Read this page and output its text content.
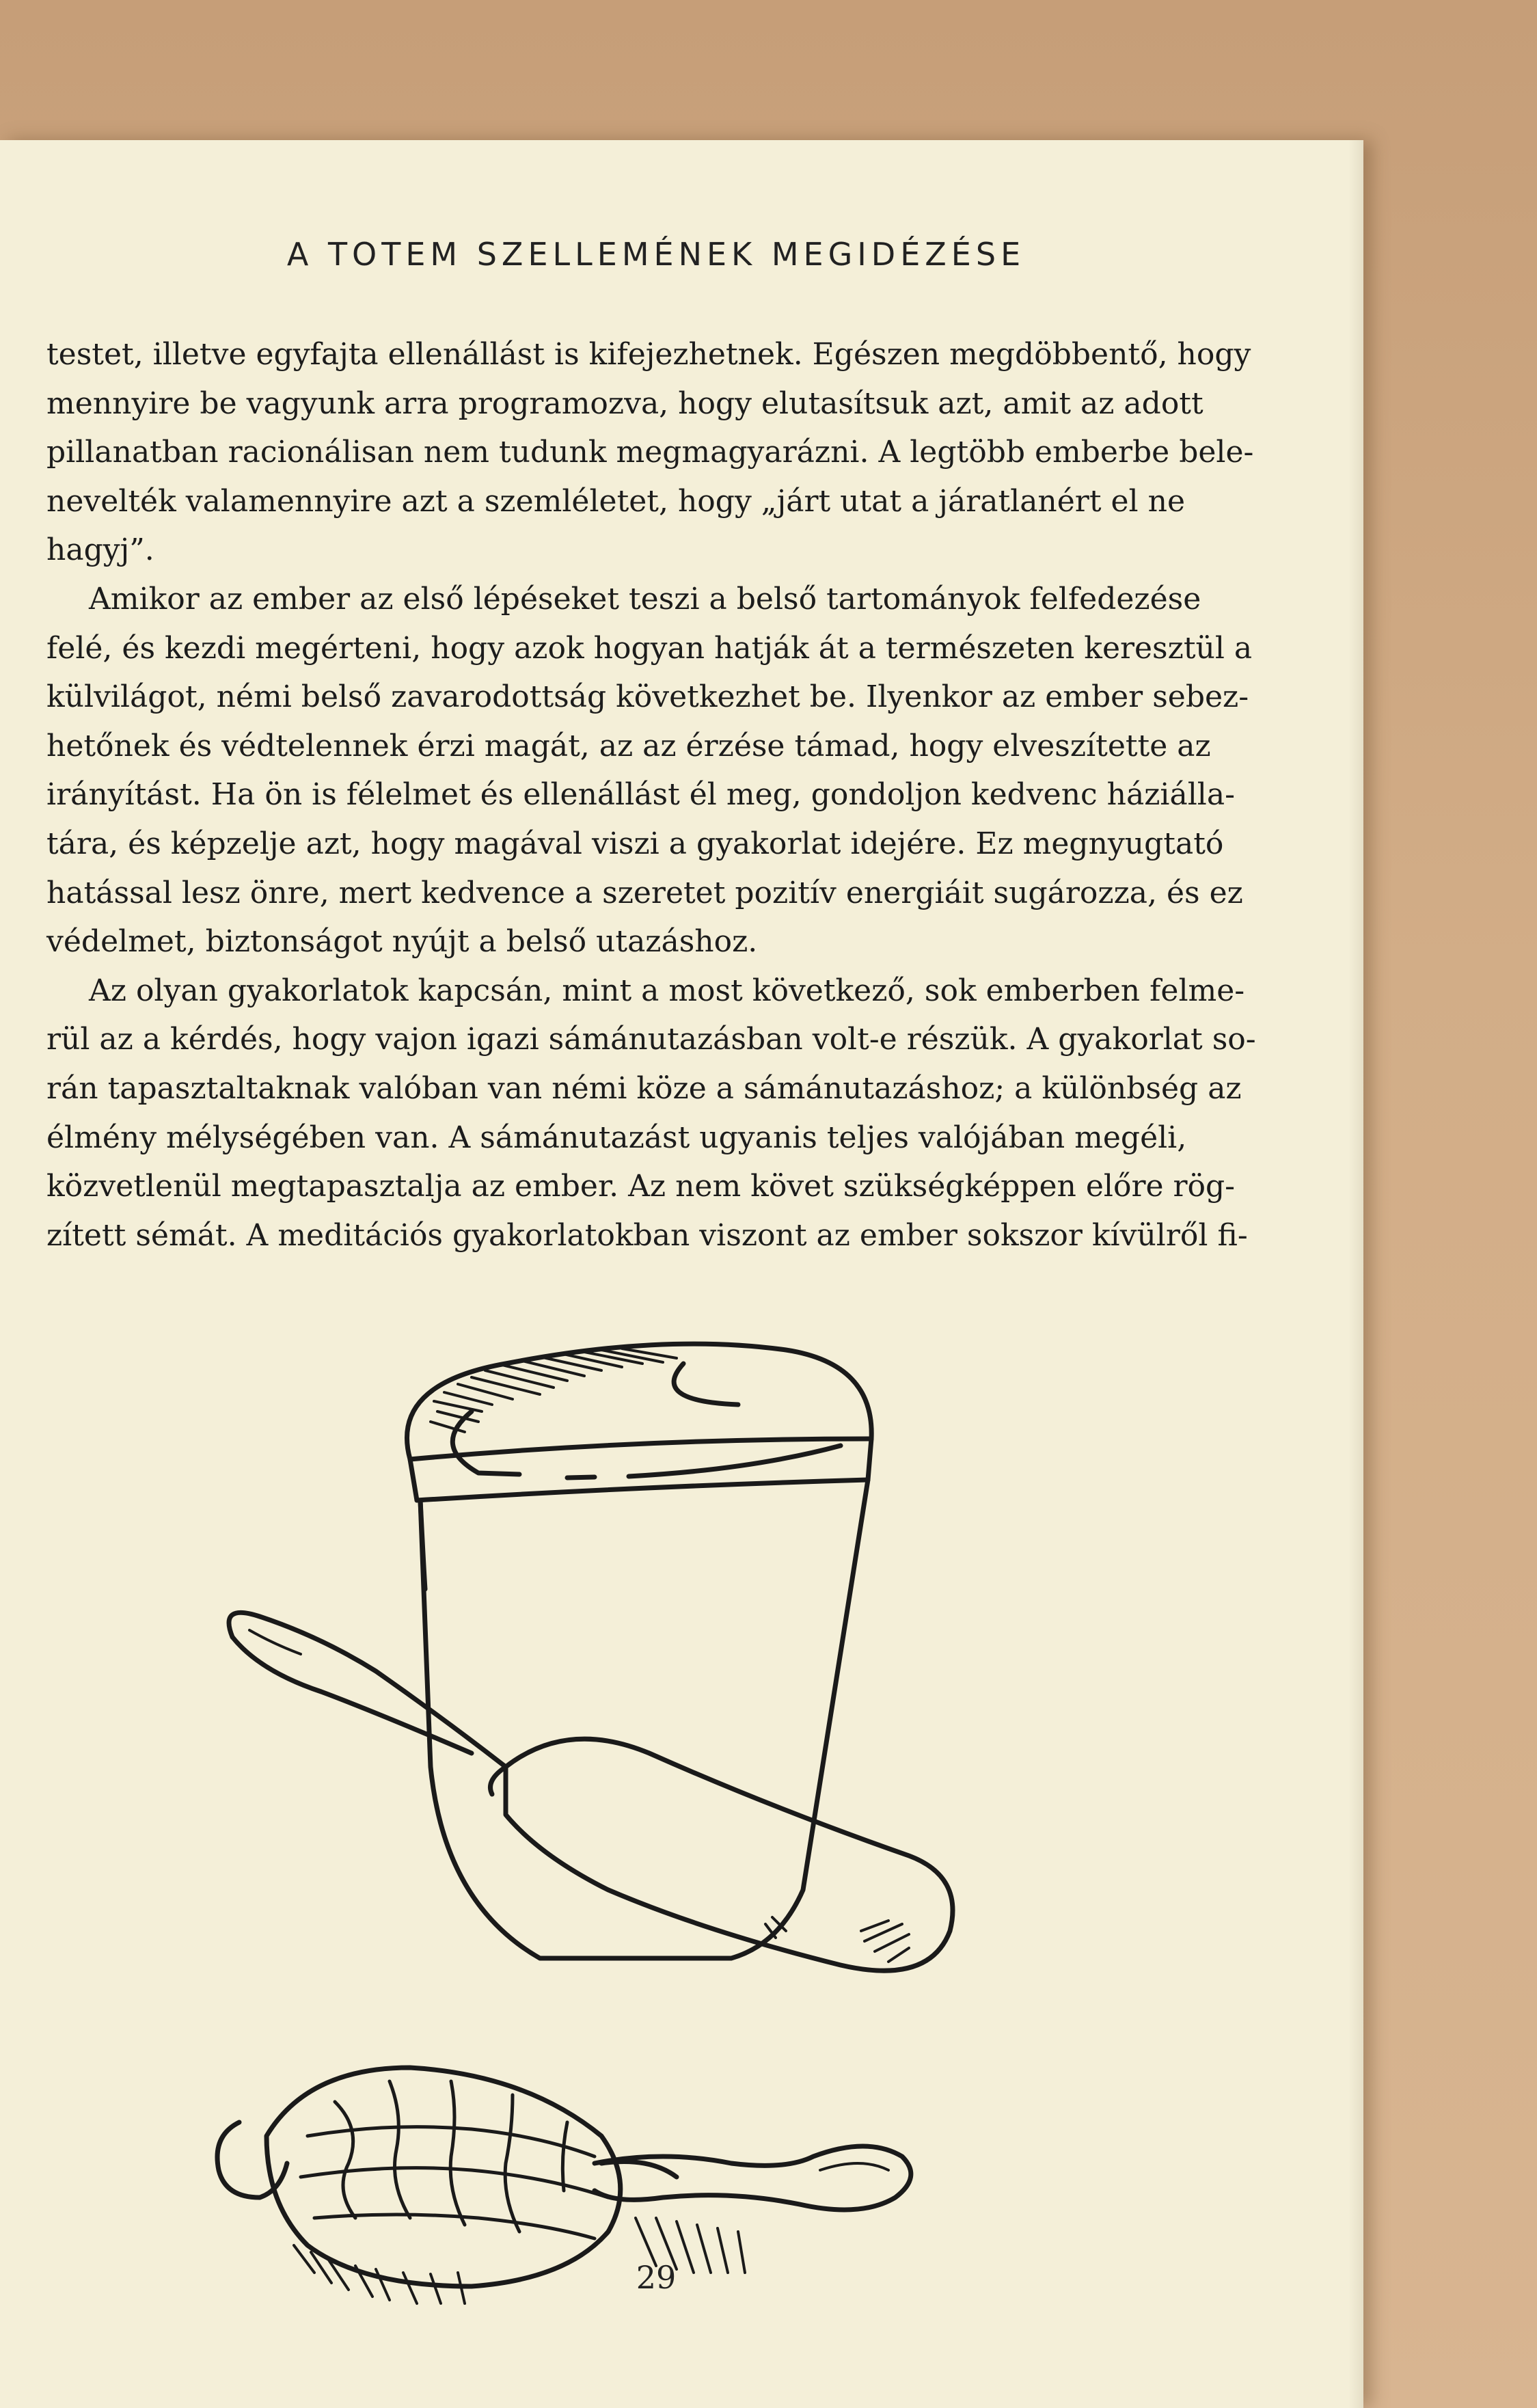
A TOTEM SZELLEMÉNEK MEGIDÉZÉSE
testet, illetve egyfajta ellenállást is kifejezhetnek. Egészen megdöbbentő, hogy
mennyire be vagyunk arra programozva, hogy elutasítsuk azt, amit az adott
pillanatban racionálisan nem tudunk megmagyarázni. A legtöbb emberbe bele-
nevelték valamennyire azt a szemléletet, hogy „járt utat a járatlanért el ne
hagyj”.
Amikor az ember az első lépéseket teszi a belső tartományok felfedezése
felé, és kezdi megérteni, hogy azok hogyan hatják át a természeten keresztül a
külvilágot, némi belső zavarodottság következhet be. Ilyenkor az ember sebez-
hetőnek és védtelennek érzi magát, az az érzése támad, hogy elveszítette az
irányítást. Ha ön is félelmet és ellenállást él meg, gondoljon kedvenc háziálla-
tára, és képzelje azt, hogy magával viszi a gyakorlat idejére. Ez megnyugtató
hatással lesz önre, mert kedvence a szeretet pozitív energiáit sugározza, és ez
védelmet, biztonságot nyújt a belső utazáshoz.
Az olyan gyakorlatok kapcsán, mint a most következő, sok emberben felme-
rül az a kérdés, hogy vajon igazi sámánutazásban volt-e részük. A gyakorlat so-
rán tapasztaltaknak valóban van némi köze a sámánutazáshoz; a különbség az
élmény mélységében van. A sámánutazást ugyanis teljes valójában megéli,
közvetlenül megtapasztalja az ember. Az nem követ szükségképpen előre rög-
zített sémát. A meditációs gyakorlatokban viszont az ember sokszor kívülről fi-
29
